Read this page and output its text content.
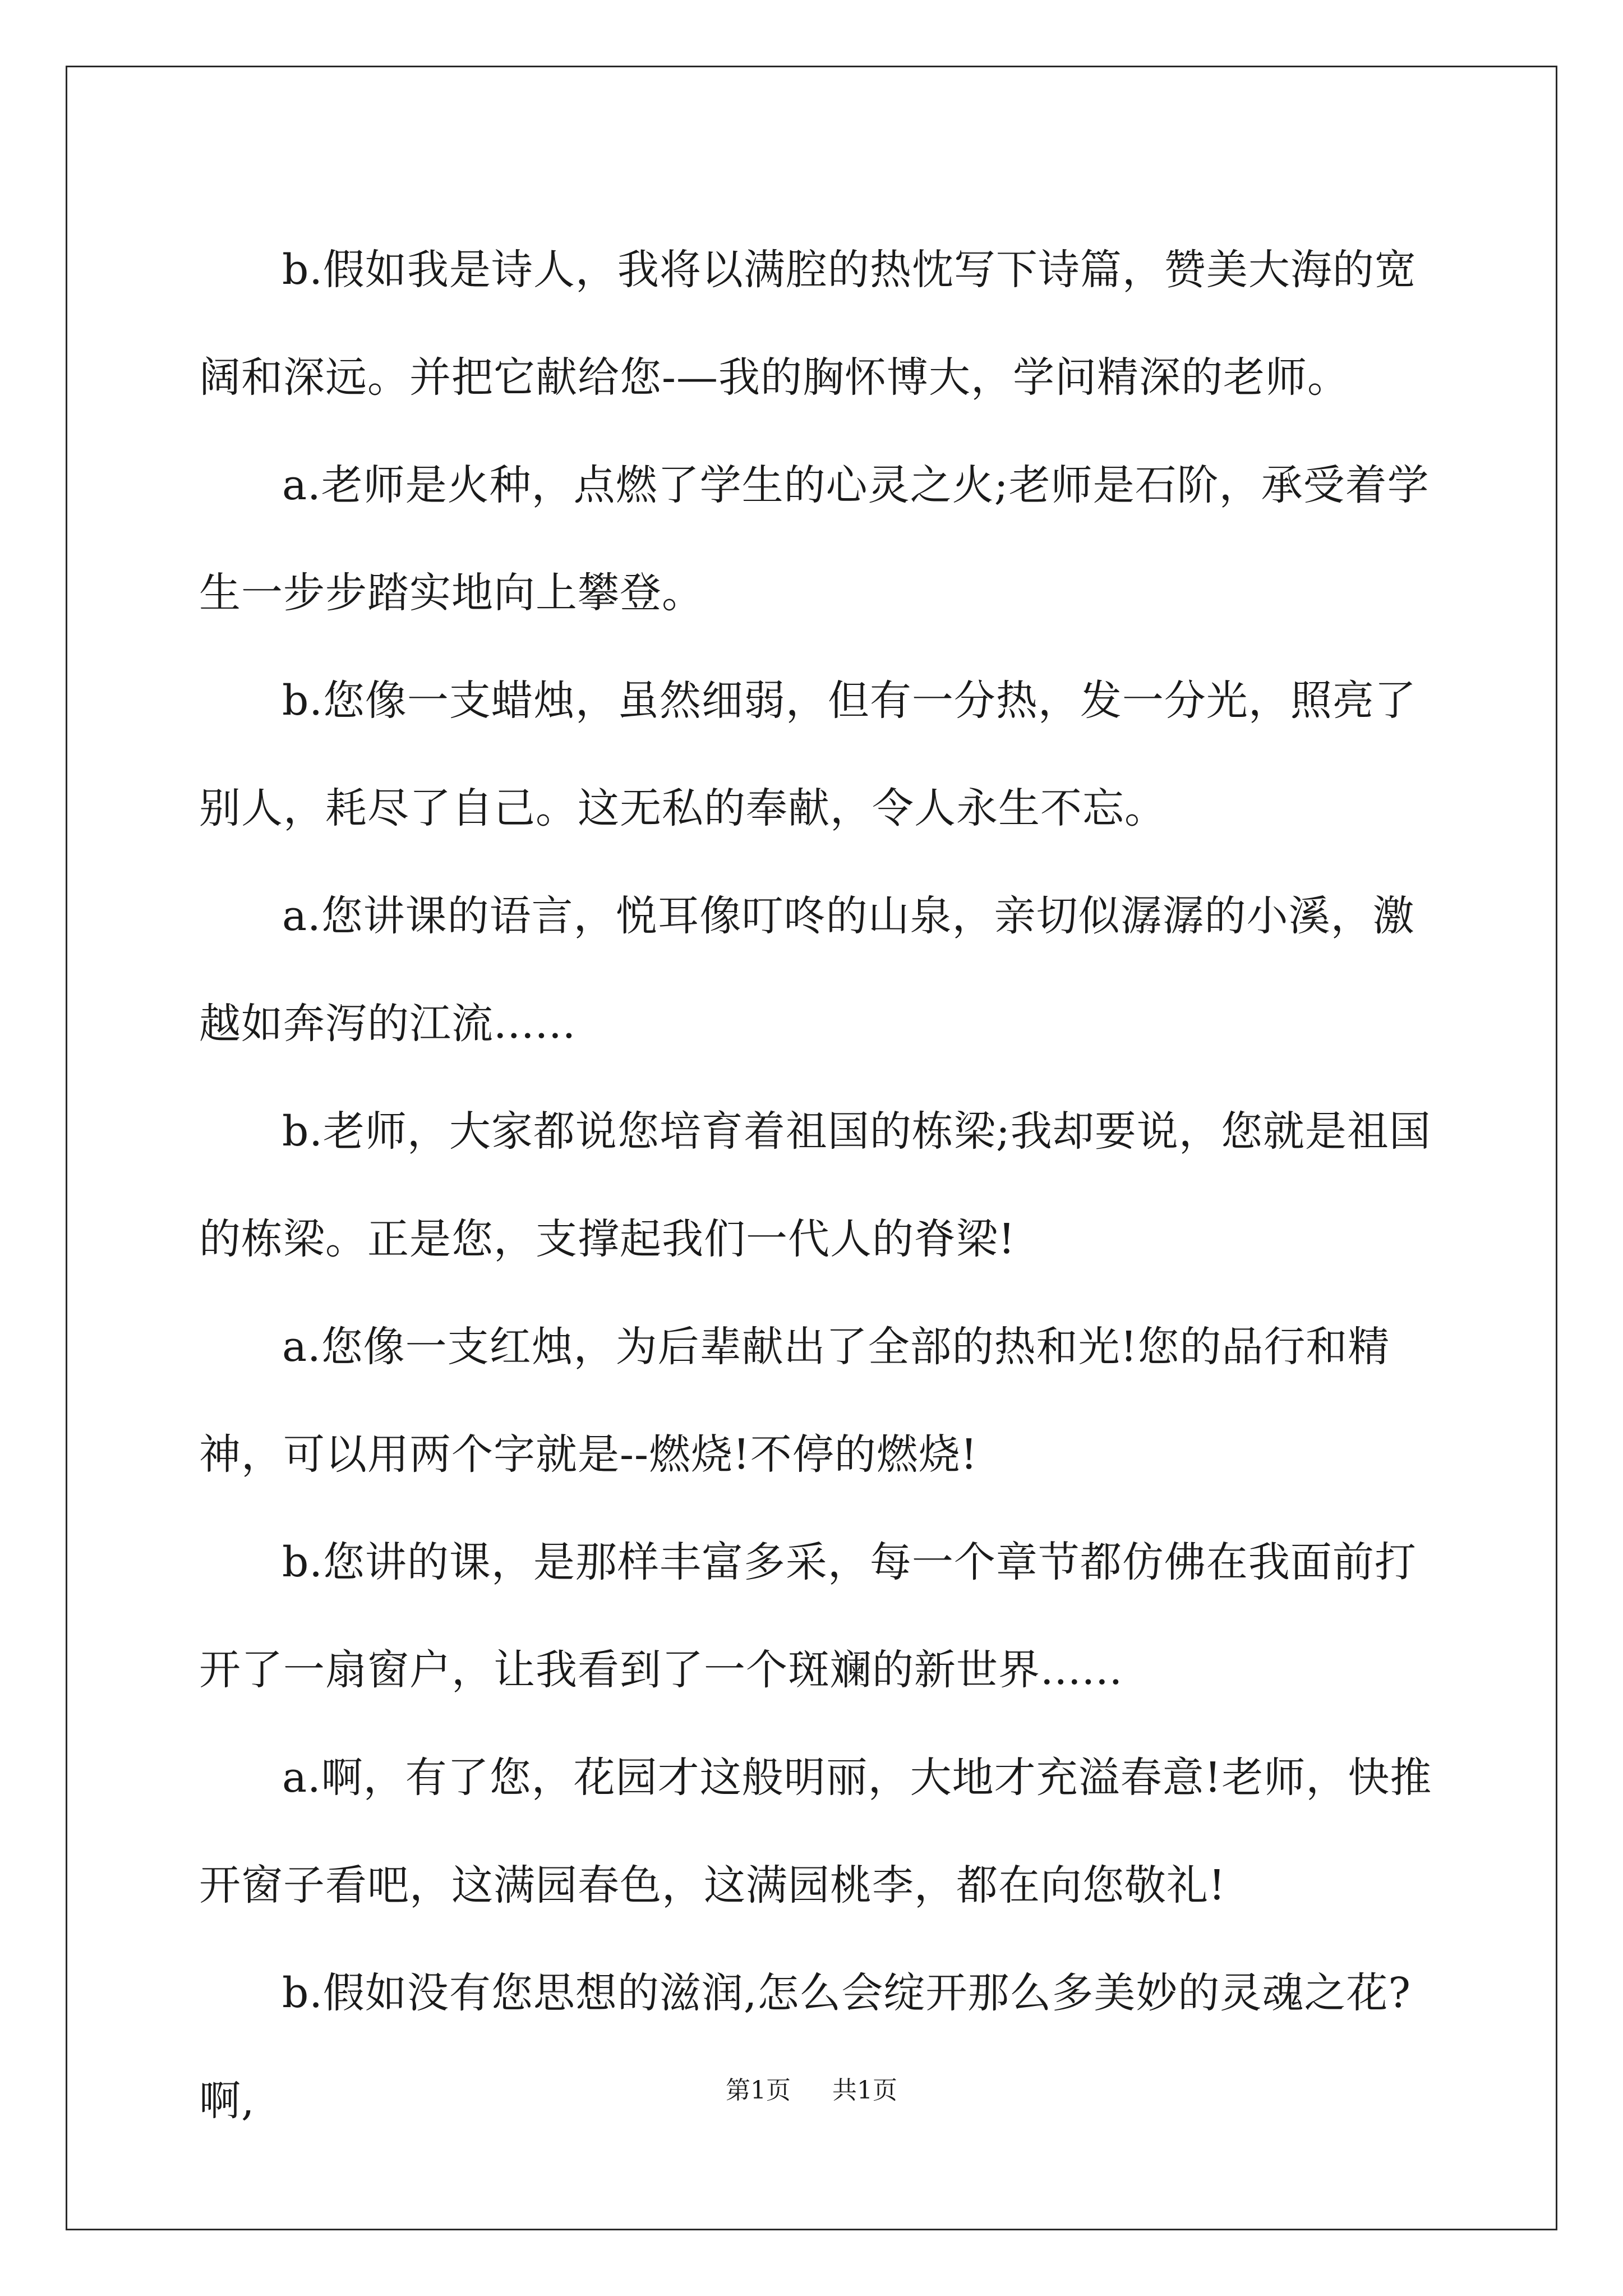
b.假如我是诗人，我将以满腔的热忱写下诗篇，赞美大海的宽阔和深远。并把它献给您-—我的胸怀博大，学问精深的老师。

a.老师是火种，点燃了学生的心灵之火;老师是石阶，承受着学生一步步踏实地向上攀登。

b.您像一支蜡烛，虽然细弱，但有一分热，发一分光，照亮了别人，耗尽了自己。这无私的奉献，令人永生不忘。

a.您讲课的语言，悦耳像叮咚的山泉，亲切似潺潺的小溪，激越如奔泻的江流......

b.老师，大家都说您培育着祖国的栋梁;我却要说，您就是祖国的栋梁。正是您，支撑起我们一代人的脊梁!

a.您像一支红烛，为后辈献出了全部的热和光!您的品行和精神，可以用两个字就是--燃烧!不停的燃烧!

b.您讲的课，是那样丰富多采，每一个章节都仿佛在我面前打开了一扇窗户，让我看到了一个斑斓的新世界......

a.啊，有了您，花园才这般明丽，大地才充溢春意!老师，快推开窗子看吧，这满园春色，这满园桃李，都在向您敬礼!

b.假如没有您思想的滋润,怎么会绽开那么多美妙的灵魂之花?啊,	第1页 共1页
